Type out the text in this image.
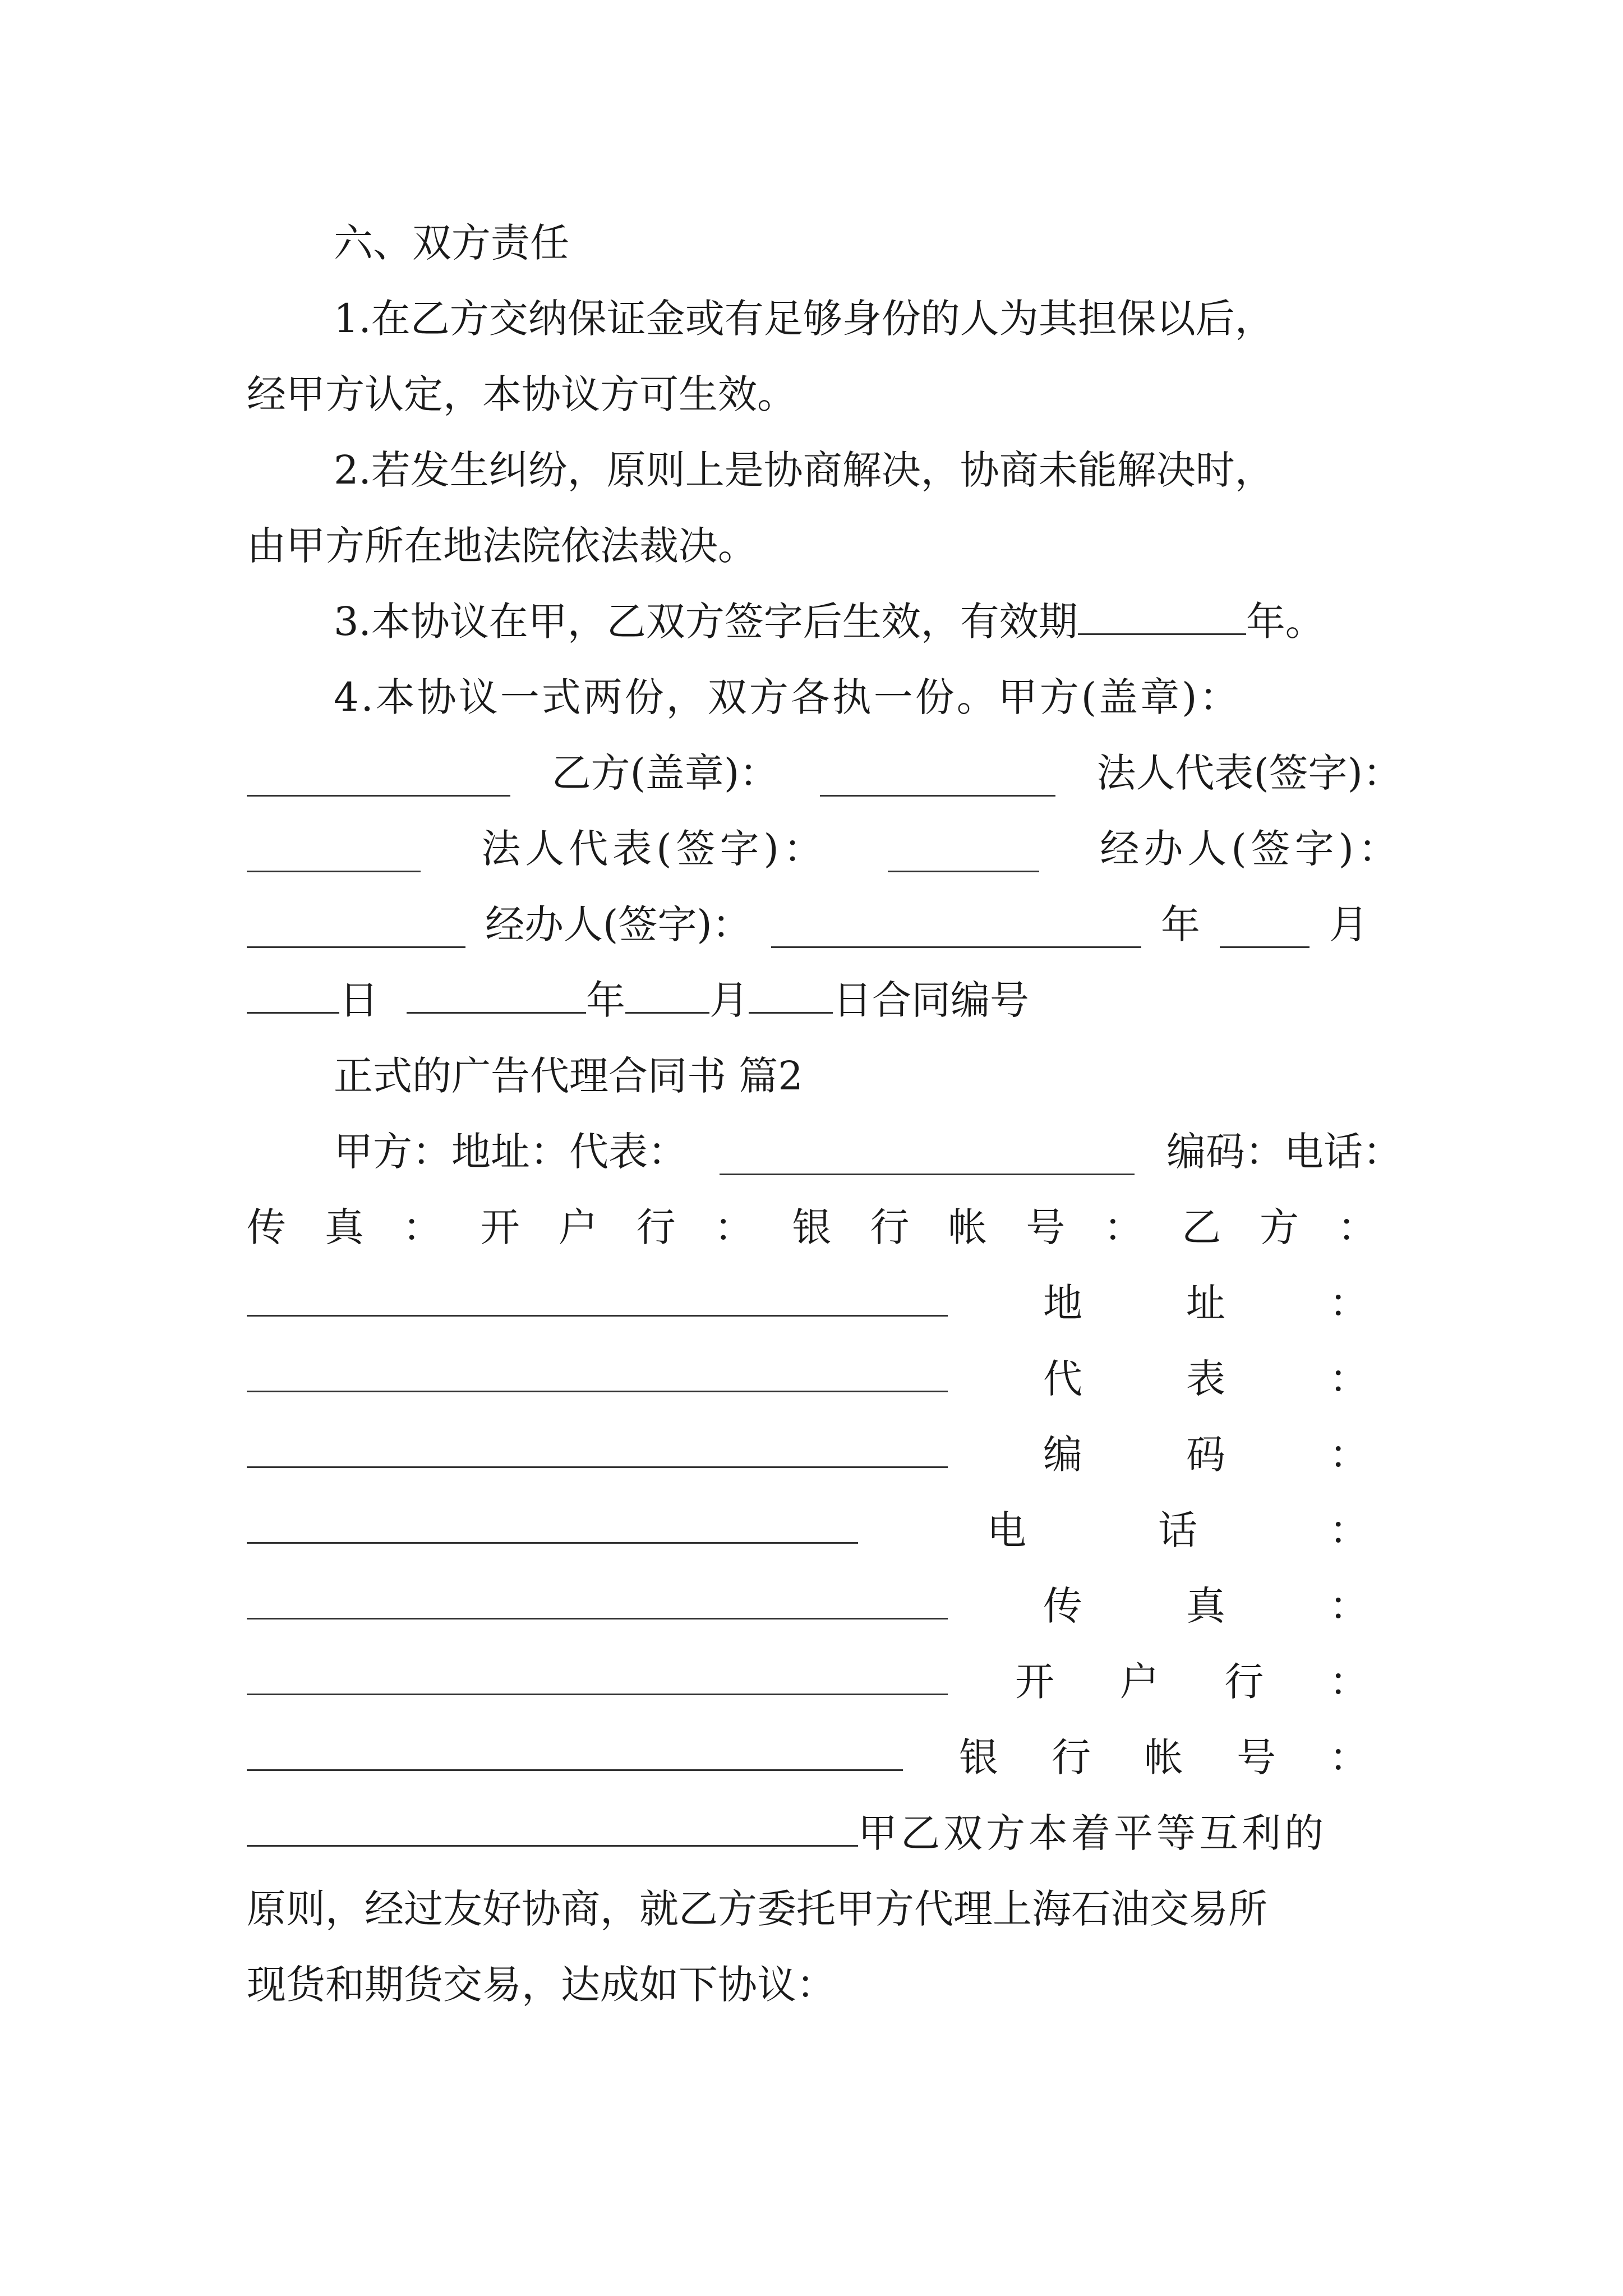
六、双方责任
1.在乙方交纳保证金或有足够身份的人为其担保以后，
经甲方认定，本协议方可生效。
2.若发生纠纷，原则上是协商解决，协商未能解决时，
由甲方所在地法院依法裁决。
3.本协议在甲，乙双方签字后生效，有效期	年。
4.本协议一式两份，双方各执一份。甲方(盖章)：
乙方(盖章)：	法人代表(签字)：
法人代表(签字)：	经办人(签字)：
经办人(签字)：	年	月
日	年 月 日合同编号
正式的广告代理合同书 篇2
甲方：地址：代表：	编码：电话：
传 真 ： 开 户 行 ： 银 行 帐 号 ： 乙 方 ：
地	址	：
代	表	：
编	码	：
电	话	：
传	真	：
开 户 行 ：
银 行 帐 号 ：
甲乙双方本着平等互利的
原则，经过友好协商，就乙方委托甲方代理上海石油交易所
现货和期货交易，达成如下协议：
